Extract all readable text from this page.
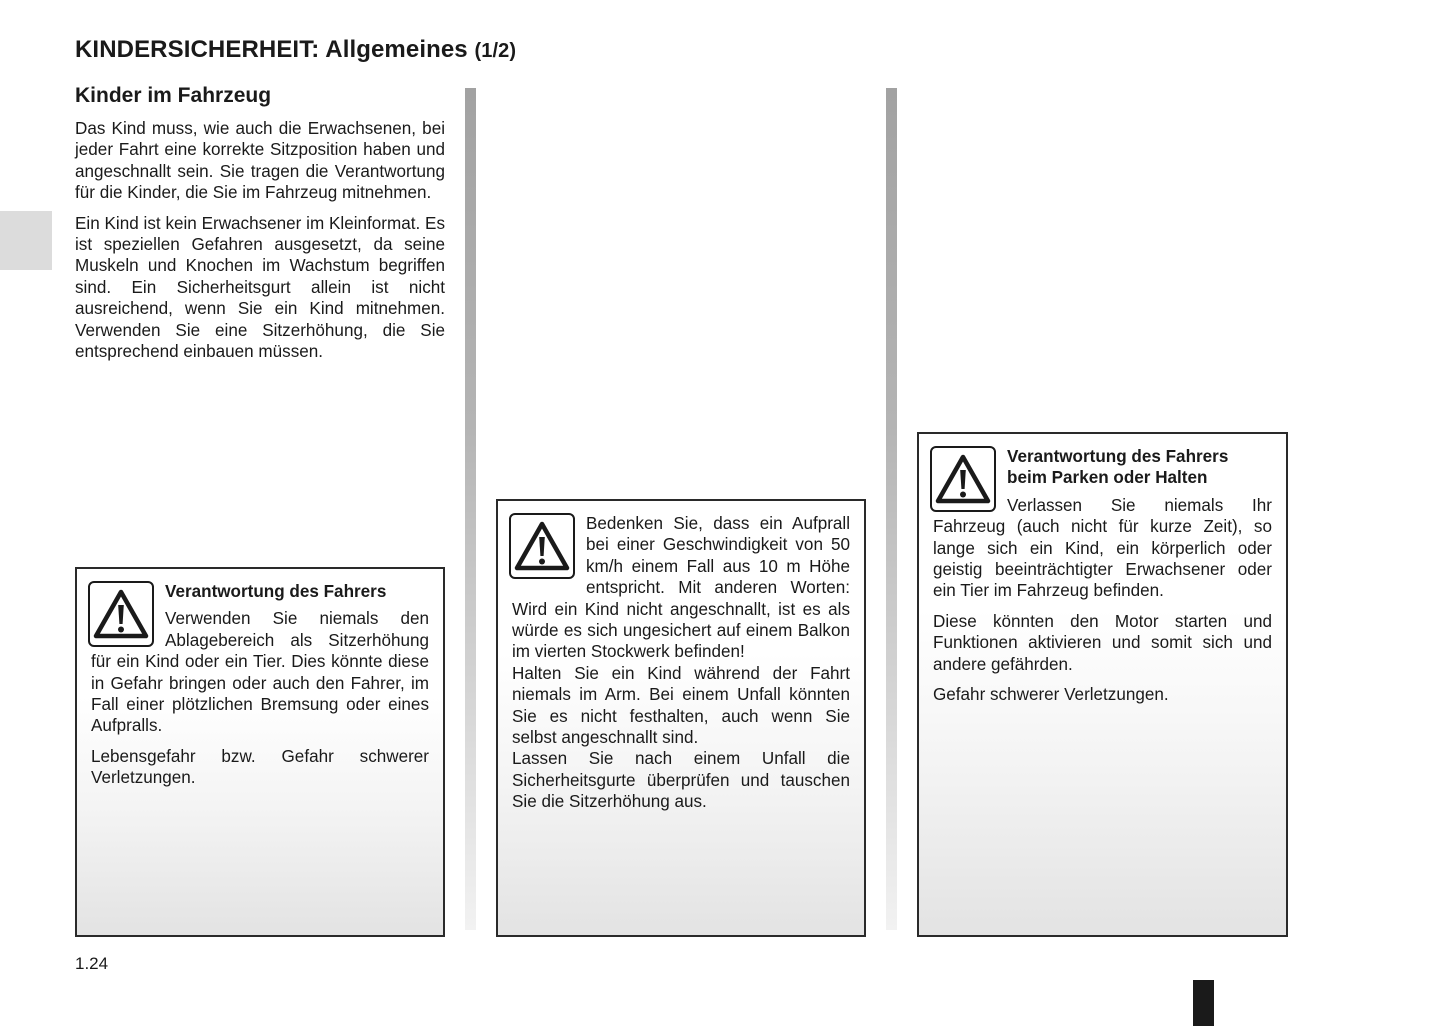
KINDERSICHERHEIT: Allgemeines (1/2)
Kinder im Fahrzeug

Das Kind muss, wie auch die Erwachsenen, bei jeder Fahrt eine korrekte Sitzposition haben und angeschnallt sein. Sie tragen die Verantwortung für die Kinder, die Sie im Fahrzeug mitnehmen.

Ein Kind ist kein Erwachsener im Kleinformat. Es ist speziellen Gefahren ausgesetzt, da seine Muskeln und Knochen im Wachstum begriffen sind. Ein Sicherheitsgurt allein ist nicht ausreichend, wenn Sie ein Kind mitnehmen. Verwenden Sie eine Sitzerhöhung, die Sie entsprechend einbauen müssen.

Verantwortung des Fahrers

Verwenden Sie niemals den Ablagebereich als Sitzerhöhung für ein Kind oder ein Tier. Dies könnte diese in Gefahr bringen oder auch den Fahrer, im Fall einer plötzlichen Bremsung oder eines Aufpralls.

Lebensgefahr bzw. Gefahr schwerer Verletzungen.

Bedenken Sie, dass ein Aufprall bei einer Geschwindigkeit von 50 km/h einem Fall aus 10 m Höhe entspricht. Mit anderen Worten: Wird ein Kind nicht angeschnallt, ist es als würde es sich ungesichert auf einem Balkon im vierten Stockwerk befinden!

Halten Sie ein Kind während der Fahrt niemals im Arm. Bei einem Unfall könnten Sie es nicht festhalten, auch wenn Sie selbst angeschnallt sind.

Lassen Sie nach einem Unfall die Sicherheitsgurte überprüfen und tauschen Sie die Sitzerhöhung aus.

Verantwortung des Fahrers beim Parken oder Halten

Verlassen Sie niemals Ihr Fahrzeug (auch nicht für kurze Zeit), so lange sich ein Kind, ein körperlich oder geistig beeinträchtigter Erwachsener oder ein Tier im Fahrzeug befinden.

Diese könnten den Motor starten und Funktionen aktivieren und somit sich und andere gefährden.

Gefahr schwerer Verletzungen.

1.24
